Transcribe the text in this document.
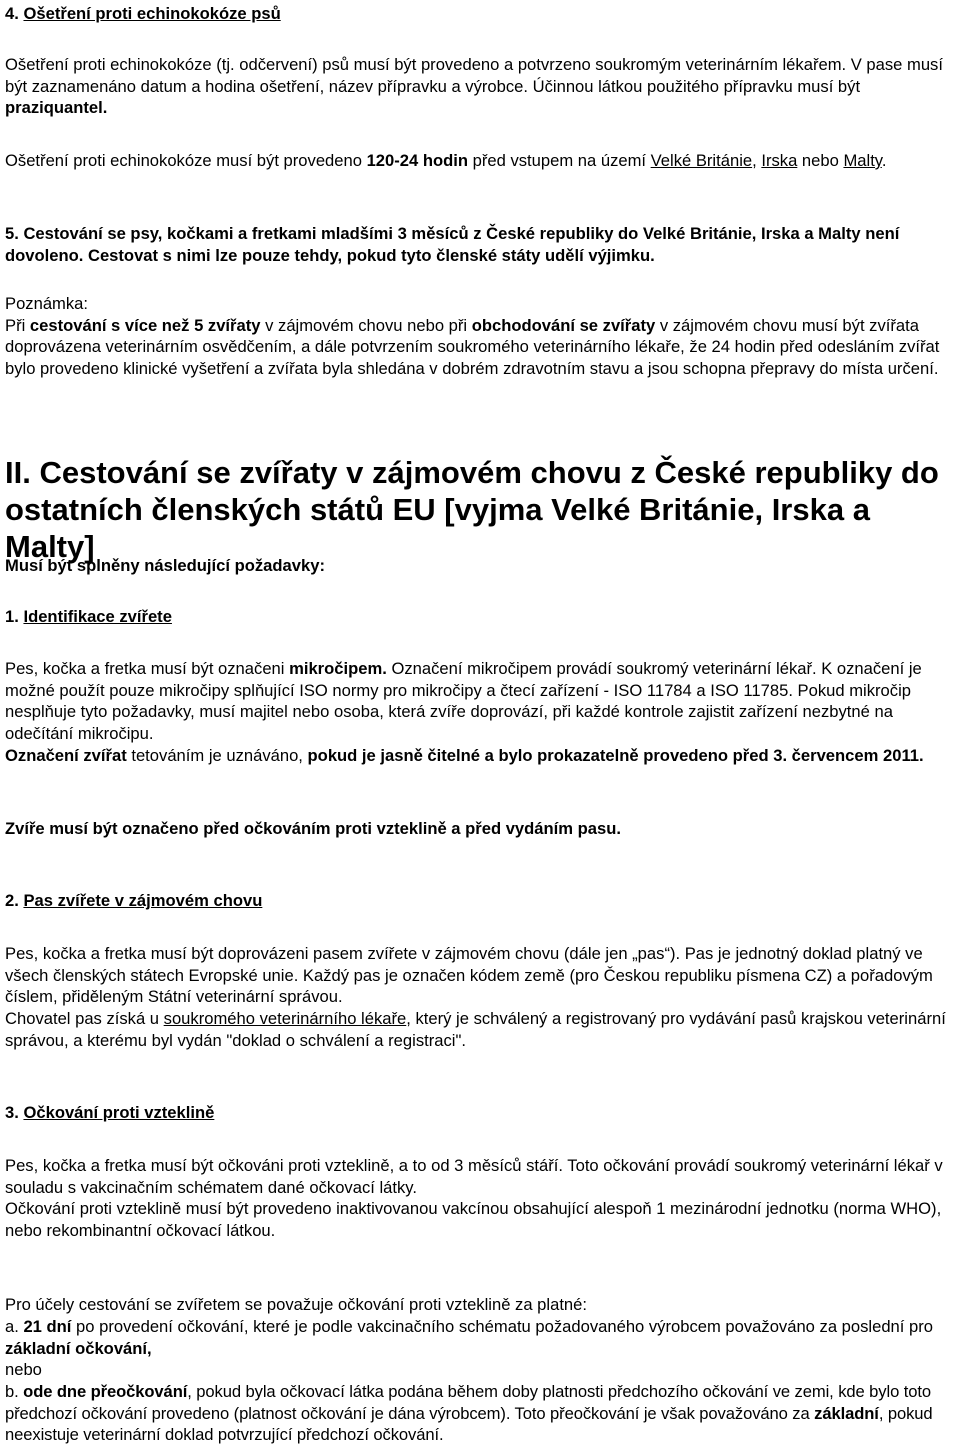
4. Ošetření proti echinokokóze psů

Ošetření proti echinokokóze (tj. odčervení) psů musí být provedeno a potvrzeno soukromým veterinárním lékařem. V pase musí být zaznamenáno datum a hodina ošetření, název přípravku a výrobce. Účinnou látkou použitého přípravku musí být praziquantel.

Ošetření proti echinokokóze musí být provedeno 120-24 hodin před vstupem na území Velké Británie, Irska nebo Malty.

5. Cestování se psy, kočkami a fretkami mladšími 3 měsíců z České republiky do Velké Británie, Irska a Malty není dovoleno. Cestovat s nimi lze pouze tehdy, pokud tyto členské státy udělí výjimku.

Poznámka:
Při cestování s více než 5 zvířaty v zájmovém chovu nebo při obchodování se zvířaty v zájmovém chovu musí být zvířata doprovázena veterinárním osvědčením, a dále potvrzením soukromého veterinárního lékaře, že 24 hodin před odesláním zvířat bylo provedeno klinické vyšetření a zvířata byla shledána v dobrém zdravotním stavu a jsou schopna přepravy do místa určení.

II. Cestování se zvířaty v zájmovém chovu z České republiky do ostatních členských států EU [vyjma Velké Británie, Irska a Malty]

Musí být splněny následující požadavky:

1. Identifikace zvířete

Pes, kočka a fretka musí být označeni mikročipem. Označení mikročipem provádí soukromý veterinární lékař. K označení je možné použít pouze mikročipy splňující ISO normy pro mikročipy a čtecí zařízení - ISO 11784 a ISO 11785. Pokud mikročip nesplňuje tyto požadavky, musí majitel nebo osoba, která zvíře doprovází, při každé kontrole zajistit zařízení nezbytné na odečítání mikročipu.

Označení zvířat tetováním je uznáváno, pokud je jasně čitelné a bylo prokazatelně provedeno před 3. červencem 2011.

Zvíře musí být označeno před očkováním proti vzteklině a před vydáním pasu.

2. Pas zvířete v zájmovém chovu

Pes, kočka a fretka musí být doprovázeni pasem zvířete v zájmovém chovu (dále jen „pas“). Pas je jednotný doklad platný ve všech členských státech Evropské unie. Každý pas je označen kódem země (pro Českou republiku písmena CZ) a pořadovým číslem, přiděleným Státní veterinární správou.

Chovatel pas získá u soukromého veterinárního lékaře, který je schválený a registrovaný pro vydávání pasů krajskou veterinární správou, a kterému byl vydán "doklad o schválení a registraci".

3. Očkování proti vzteklině

Pes, kočka a fretka musí být očkováni proti vzteklině, a to od 3 měsíců stáří. Toto očkování provádí soukromý veterinární lékař v souladu s vakcinačním schématem dané očkovací látky.

Očkování proti vzteklině musí být provedeno inaktivovanou vakcínou obsahující alespoň 1 mezinárodní jednotku (norma WHO), nebo rekombinantní očkovací látkou.

Pro účely cestování se zvířetem se považuje očkování proti vzteklině za platné:

a. 21 dní po provedení očkování, které je podle vakcinačního schématu požadovaného výrobcem považováno za poslední pro základní očkování,

nebo

b. ode dne přeočkování, pokud byla očkovací látka podána během doby platnosti předchozího očkování ve zemi, kde bylo toto předchozí očkování provedeno (platnost očkování je dána výrobcem). Toto přeočkování je však považováno za základní, pokud neexistuje veterinární doklad potvrzující předchozí očkování.
